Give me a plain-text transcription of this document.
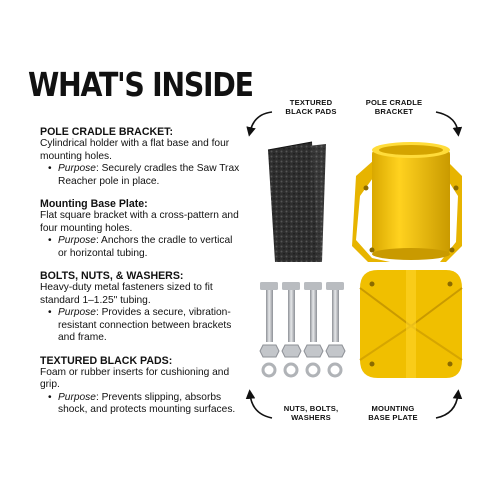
WHAT'S INSIDE
POLE CRADLE BRACKET:
Cylindrical holder with a flat base and four mounting holes.
• Purpose: Securely cradles the Saw Trax Reacher pole in place.
Mounting Base Plate:
Flat square bracket with a cross-pattern and four mounting holes.
• Purpose: Anchors the cradle to vertical or horizontal tubing.
BOLTS, NUTS, & WASHERS:
Heavy-duty metal fasteners sized to fit standard 1–1.25" tubing.
• Purpose: Provides a secure, vibration-resistant connection between brackets and frame.
TEXTURED BLACK PADS:
Foam or rubber inserts for cushioning and grip.
• Purpose: Prevents slipping, absorbs shock, and protects mounting surfaces.
TEXTURED
BLACK PADS
POLE CRADLE
BRACKET
NUTS, BOLTS,
WASHERS
MOUNTING
BASE PLATE
